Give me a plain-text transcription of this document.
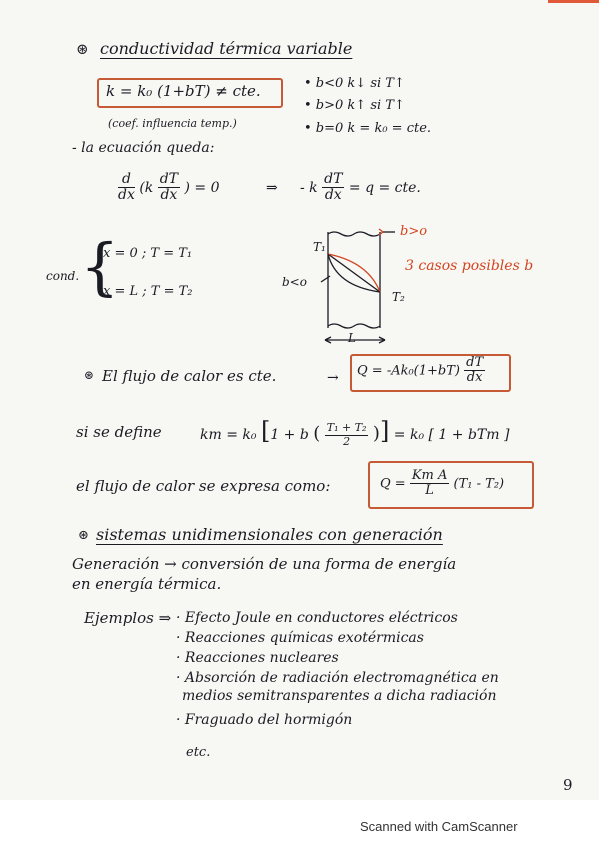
⊛ conductividad térmica variable
k = k₀ (1+bT) ≠ cte.
(coef. influencia temp.)
• b<0 k↓ si T↑
• b>0 k↑ si T↑
• b=0 k = k₀ = cte.
- la ecuación queda:
$\frac{d}{dx} (k \frac{dT}{dx}$ ) = 0	⇒ - k $\frac{dT}{dx} = q$ = cte.
cond. {
x = 0 ; T = T₁
x = L ; T = T₂
T₁
T₂
b>o
b<o
L
3 casos posibles b
⊛ El flujo de calor es cte.	→ $Q = -Ak_0(1+bT) \frac{dT}{dx}$
si se define	km = k₀ [1 + b ( $\frac{\text{T₁ + T₂}}{2}$ )] = k₀ [ 1 + bTm ]
el flujo de calor se expresa como:	$Q = \frac{\text{Km A}}{L} (T_1 - T_2)$
⊛ sistemas unidimensionales con generación
Generación → conversión de una forma de energía
en energía térmica.
Ejemplos ⇒ · Efecto Joule en conductores eléctricos
· Reacciones químicas exotérmicas
· Reacciones nucleares
· Absorción de radiación electromagnética en
medios semitransparentes a dicha radiación
· Fraguado del hormigón
etc.
9
Scanned with CamScanner
